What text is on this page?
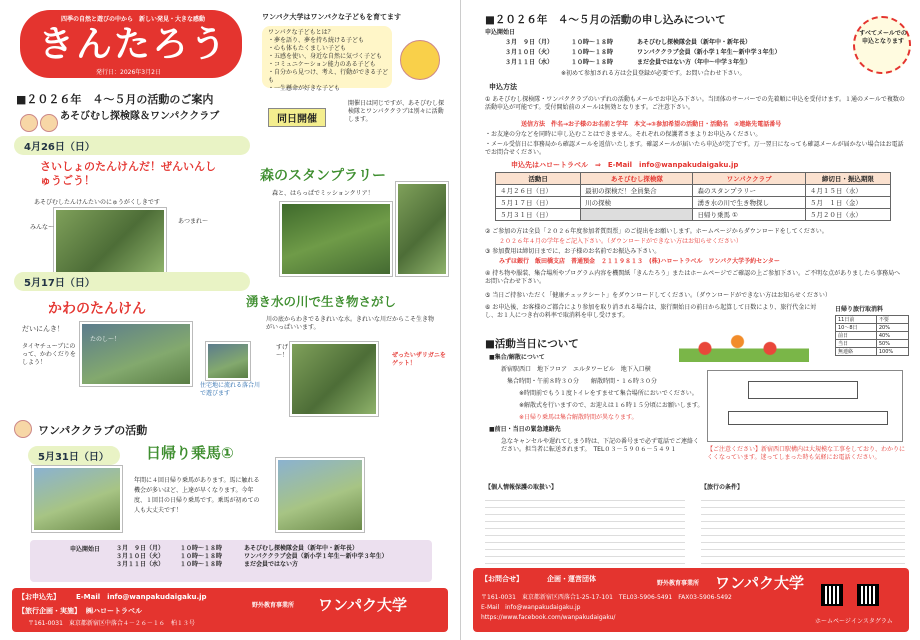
四季の自然と遊びの中から　新しい発見・大きな感動
きんたろう
発行日：2026年3月2日
ワンパク大学はワンパクな子どもを育てます
ワンパクな子どもとは？
・夢を語り、夢を持ち続ける子ども
・心も体もたくましい子ども
・五感を使い、身近な自然に気づく子ども
・コミュニケーション能力のある子ども
・自分から見つけ、考え、行動ができる子ども
・一生懸命が好きな子ども
■２０２６年　４～５月の活動のご案内
あそびむし探検隊＆ワンパククラブ	同日開催
開催日は同じですが、あそびむし探検隊とワンパククラブは別々に活動します。
4月26日（日）
さいしょのたんけんだ！ぜんいんしゅうごう！
あそびむしたんけんたいのにゅうがくしきです
あつまれ～
みんな～
森のスタンプラリー
森と、はらっぱでミッションクリア！
5月17日（日）
かわのたんけん
だいにんき！
タイヤチューブにのって、かわくだりをしよう！
たのし～！
住宅地に流れる落合川で遊びます
湧き水の川で生き物さがし
川の底からわきでるきれいな水。きれいな川だからこそ生き物がいっぱいいます。
すげ～！	ぜったいザリガニをゲット！
ワンパククラブの活動
5月31日（日）	日帰り乗馬①
年間に４回日帰り乗馬があります。馬に触れる機会が多いほど、上達が早くなります。今年度、１回目の日帰り乗馬です。乗馬が初めての人も大丈夫です！
申込開始日	３月　９日（月）	１０時～１８時	あそびむし探検隊会員（新年中・新年長）
３月１０日（火）	１０時～１８時	ワンパククラブ会員（新小学１年生～新中学３年生）
３月１１日（水）	１０時～１８時	まだ会員ではない方
【お申込先】 E-Mail　info@wanpakudaigaku.jp
【旅行企画・実施】 ㈱ハロートラベル
〒161-0031　東京都新宿区中落合４－２６－１６　柏１３号
野外教育事業所 ワンパク大学
■２０２６年　４～５月の活動の申し込みについて
申込開始日
３月　９日（月）	１０時～１８時	あそびむし探検隊会員（新年中・新年長）
３月１０日（火）	１０時～１８時	ワンパククラブ会員（新小学１年生～新中学３年生）
３月１１日（水）	１０時～１８時	まだ会員ではない方（年中～中学３年生）
※初めて参加される方は会員登録が必要です。お問い合わせ下さい。
すべてメールでの申込となります
申込方法
① あそびむし探検隊・ワンパククラブのいずれの活動もメールでお申込み下さい。当団体のサーバーでの先着順に申込を受付けます。１通のメールで複数の活動申込が可能です。受付開始前のメールは無効となります。ご注意下さい。
送信方法　件名→お子様のお名前と学年　本文→③参加希望の活動日・活動名　②連絡先電話番号
・お友達の分などを同時に申し込むことはできません。それぞれの保護者さまよりお申込みください。
・メール受信日に事務局から確認メールを返信いたします。確認メールが届いたら申込が完了です。万一翌日になっても確認メールが届かない場合はお電話でお問合せください。
申込先はハロートラベル　⇒　E-Mail　info@wanpakudaigaku.jp
活動日	あそびむし探検隊	ワンパククラブ	締切日・振込期限
４月２６日（日）	最初の探検だ！全員集合	森のスタンプラリー	４月１５日（水）
５月１７日（日）	川の探検	湧き水の川で生き物探し	５月　１日（金）
５月３１日（日）		日帰り乗馬 ①	５月２０日（水）
② ご参加の方は全員「２０２６年度参加者質問票」のご提出をお願いします。ホームページからダウンロードをしてください。
２０２６年４月の学年をご記入下さい。（ダウンロードができない方はお知らせください）
③ 参加費用は締切日までに、お子様のお名前でお振込み下さい。
みずほ銀行　飯田橋支店　普通預金　２１１９８１３　(株)ハロートラベル　ワンパク大学予約センター
④ 持ち物や服装、集合場所やプログラム内容を機関紙「きんたろう」またはホームページでご確認の上ご参加下さい。ご不明な点がありましたら事務局へお問い合わせ下さい。
⑤ 当日ご持参いただく「健康チェックシート」をダウンロードしてください。（ダウンロードができない方はお知らせください）
⑥ お申込後、お客様のご都合により参加を取り消される場合は、旅行開始日の前日から起算して日数により、旅行代金に対し、お１人につき右の料率で取消料を申し受けます。
日帰り旅行取消料
11日前	不要
10～8日	20%
前日	40%
当日	50%
無連絡	100%
■活動当日について
■集合/解散について
新宿駅西口　地下フロア　エルタワービル　地下入口横
集合時間・午前８時３０分　　解散時間・１６時３０分
※時間前でもう１度トイレをすませて集合場所においでください。
※解散式を行いますので、お迎えは１６時１５分頃にお願いします。
※日帰り乗馬は集合解散時間が異なります。
■前日・当日の緊急連絡先
急なキャンセルや遅れてしまう時は、下記の番号まで必ず電話でご連絡ください。担当者に転送されます。　TEL０３－５９０６－５４９１	【ご注意ください】新宿西口駅構内は大規模な工事をしており、わかりにくくなっています。迷ってしまった時も気軽にお電話ください。
【個人情報保護の取扱い】	【旅行の条件】
【お問合せ】	企画・運営団体
野外教育事業所 ワンパク大学
〒161-0031　東京都新宿区西落合1-25-17-101　TEL03-5906-5491　FAX03-5906-5492
E-Mail　info@wanpakudaigaku.jp
https://www.facebook.com/wanpakudaigaku/
ホームページ インスタグラム
